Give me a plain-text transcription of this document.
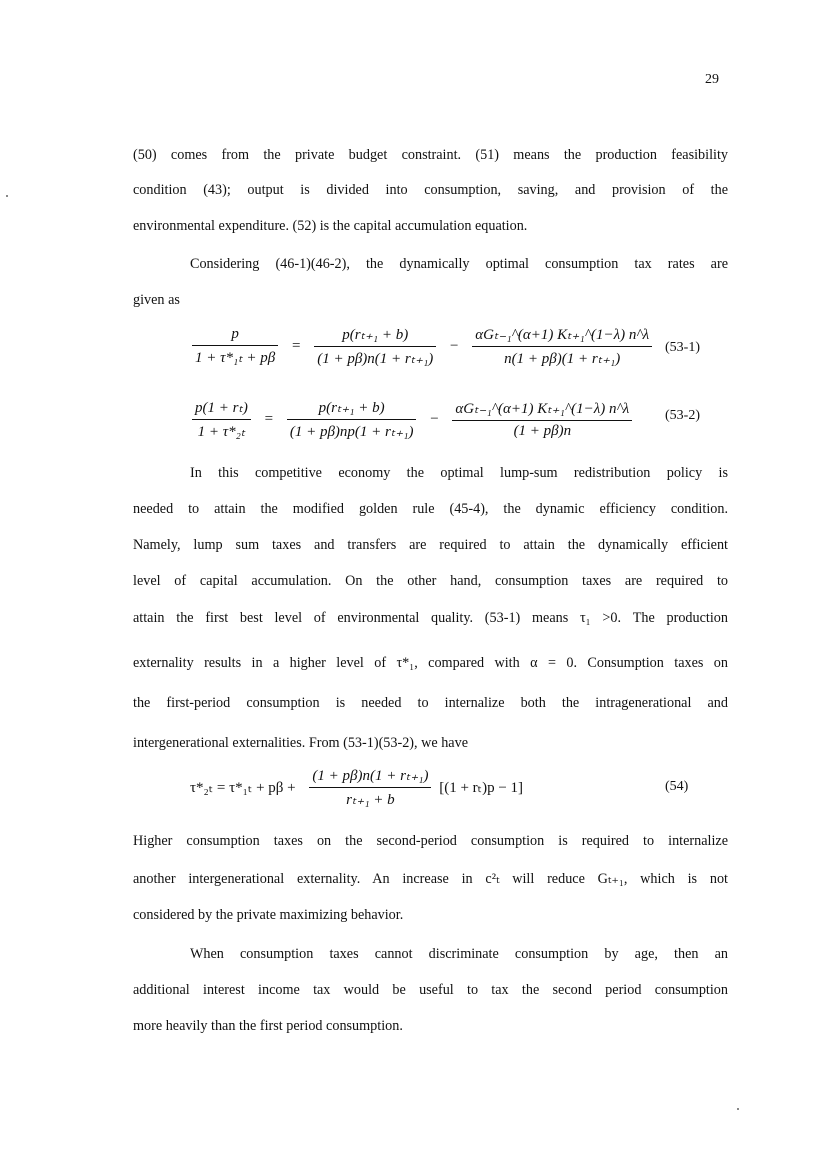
29
(50) comes from the private budget constraint. (51) means the production feasibility
condition (43); output is divided into consumption, saving, and provision of the
environmental expenditure. (52) is the capital accumulation equation.
Considering (46-1)(46-2), the dynamically optimal consumption tax rates are
given as
$\frac{p}{\text{1 + τ*₁ₜ + pβ}} = \frac{\text{p(rₜ₊₁ + b)}}{\text{(1 + pβ)n(1 + rₜ₊₁)}} - \frac{\text{αGₜ₋₁\textasciicircum{}(α+1) Kₜ₊₁\textasciicircum{}(1−λ) n\textasciicircum{}λ}}{\text{n(1 + pβ)(1 + rₜ₊₁)}} (53-1)$
$\frac{\text{p(1 + rₜ)}}{\text{1 + τ*₂ₜ}} = \frac{\text{p(rₜ₊₁ + b)}}{\text{(1 + pβ)np(1 + rₜ₊₁)}} - \frac{\text{αGₜ₋₁\textasciicircum{}(α+1) Kₜ₊₁\textasciicircum{}(1−λ) n\textasciicircum{}λ}}{(1 + p\beta)n} (53-2)$
In this competitive economy the optimal lump-sum redistribution policy is
needed to attain the modified golden rule (45-4), the dynamic efficiency condition.
Namely, lump sum taxes and transfers are required to attain the dynamically efficient
level of capital accumulation. On the other hand, consumption taxes are required to
attain the first best level of environmental quality. (53-1) means τ₁ >0. The production
externality results in a higher level of τ*₁, compared with α = 0. Consumption taxes on
the first-period consumption is needed to internalize both the intragenerational and
intergenerational externalities. From (53-1)(53-2), we have
$\tau*_{2t} = \tau*_{1t} + p\beta + \frac{\text{(1 + pβ)n(1 + rₜ₊₁)}}{\text{rₜ₊₁ + b}} [(1 + r_t)p - 1]$	(54)
Higher consumption taxes on the second-period consumption is required to internalize
another intergenerational externality. An increase in c²ₜ will reduce Gₜ₊₁, which is not
considered by the private maximizing behavior.
When consumption taxes cannot discriminate consumption by age, then an
additional interest income tax would be useful to tax the second period consumption
more heavily than the first period consumption.
